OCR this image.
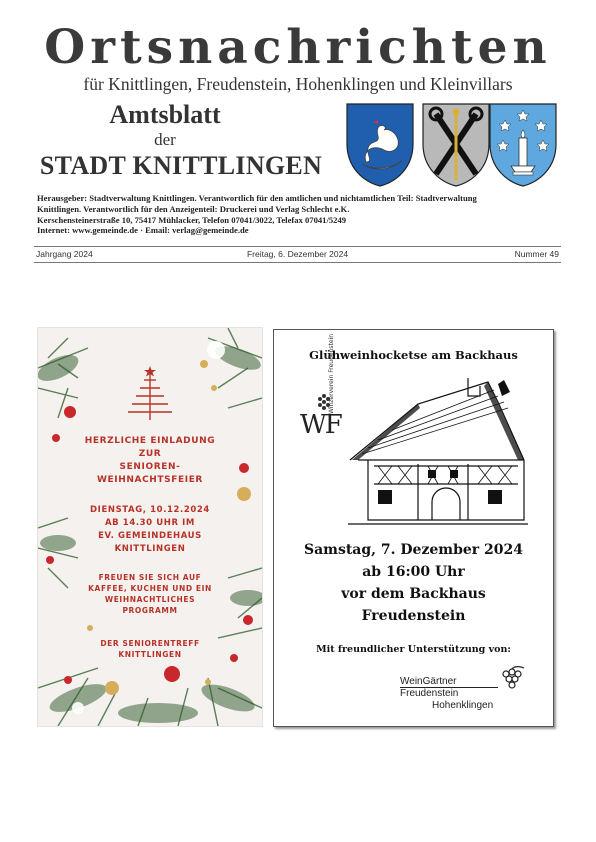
Ortsnachrichten
für Knittlingen, Freudenstein, Hohenklingen und Kleinvillars
Amtsblatt
der
STADT KNITTLINGEN
Herausgeber: Stadtverwaltung Knittlingen. Verantwortlich für den amtlichen und nichtamtlichen Teil: Stadtverwaltung
Knittlingen. Verantwortlich für den Anzeigenteil: Druckerei und Verlag Schlecht e.K.
Kerschensteinerstraße 10, 75417 Mühlacker, Telefon 07041/3022, Telefax 07041/5249
Internet: www.gemeinde.de · Email: verlag@gemeinde.de
Jahrgang 2024	Freitag, 6. Dezember 2024	Nummer 49
HERZLICHE EINLADUNG
ZUR
SENIOREN-
WEIHNACHTSFEIER
DIENSTAG, 10.12.2024
AB 14.30 UHR IM
EV. GEMEINDEHAUS
KNITTLINGEN
FREUEN SIE SICH AUF
KAFFEE, KUCHEN UND EIN
WEIHNACHTLICHES
PROGRAMM
DER SENIORENTREFF
KNITTLINGEN
Glühweinhocketse am Backhaus
WF
Winzerverein Freudenstein
Samstag, 7. Dezember 2024
ab 16:00 Uhr
vor dem Backhaus
Freudenstein
Mit freundlicher Unterstützung von:
WeinGärtner
Freudenstein
Hohenklingen
